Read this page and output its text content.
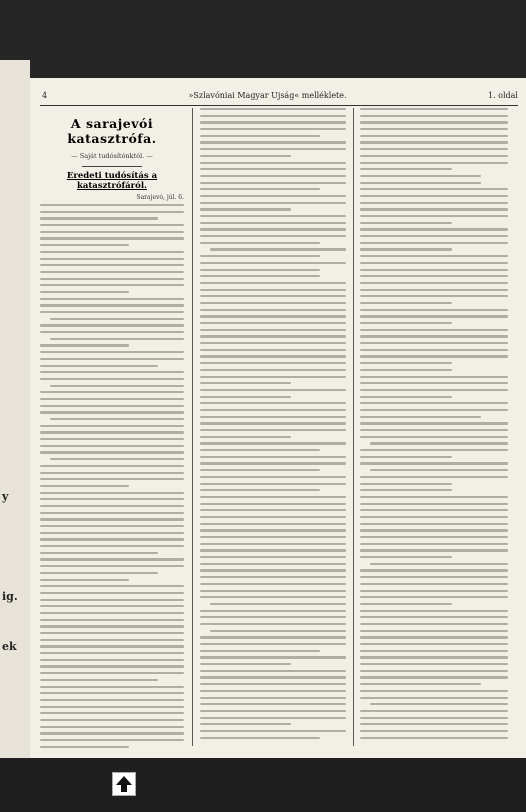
y
ig.
ek
4	»Szlavóniai Magyar Ujság« melléklete.	1. oldal
A sarajevói katasztrófa.
— Saját tudósítónktól. —
Eredeti tudósítás a katasztrófáról.
Sarajevó, júl. 6.
